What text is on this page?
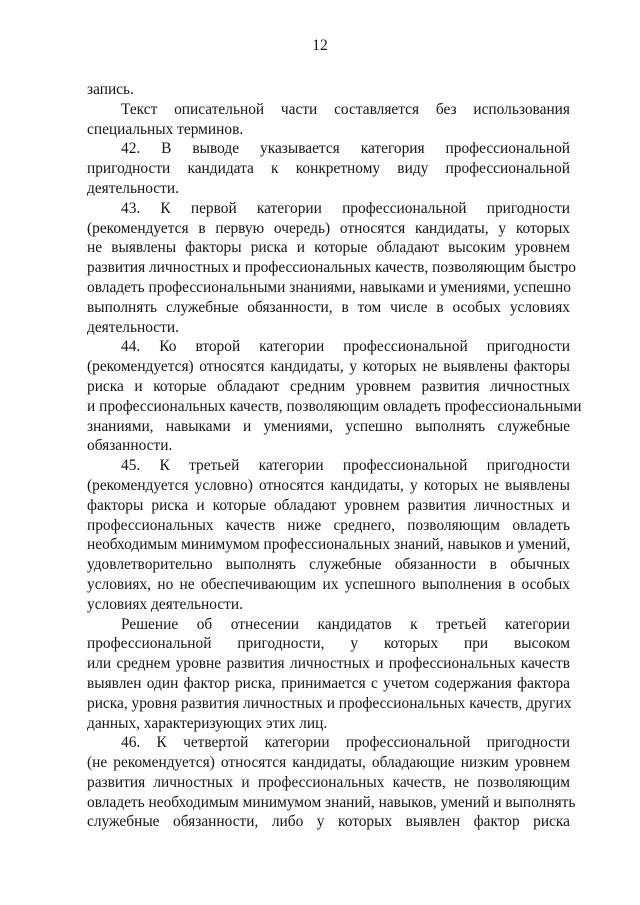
12
запись.
Текст описательной части составляется без использования
специальных терминов.
42. В выводе указывается категория профессиональной
пригодности кандидата к конкретному виду профессиональной
деятельности.
43. К первой категории профессиональной пригодности
(рекомендуется в первую очередь) относятся кандидаты, у которых
не выявлены факторы риска и которые обладают высоким уровнем
развития личностных и профессиональных качеств, позволяющим быстро
овладеть профессиональными знаниями, навыками и умениями, успешно
выполнять служебные обязанности, в том числе в особых условиях
деятельности.
44. Ко второй категории профессиональной пригодности
(рекомендуется) относятся кандидаты, у которых не выявлены факторы
риска и которые обладают средним уровнем развития личностных
и профессиональных качеств, позволяющим овладеть профессиональными
знаниями, навыками и умениями, успешно выполнять служебные
обязанности.
45. К третьей категории профессиональной пригодности
(рекомендуется условно) относятся кандидаты, у которых не выявлены
факторы риска и которые обладают уровнем развития личностных и
профессиональных качеств ниже среднего, позволяющим овладеть
необходимым минимумом профессиональных знаний, навыков и умений,
удовлетворительно выполнять служебные обязанности в обычных
условиях, но не обеспечивающим их успешного выполнения в особых
условиях деятельности.
Решение об отнесении кандидатов к третьей категории
профессиональной пригодности, у которых при высоком
или среднем уровне развития личностных и профессиональных качеств
выявлен один фактор риска, принимается с учетом содержания фактора
риска, уровня развития личностных и профессиональных качеств, других
данных, характеризующих этих лиц.
46. К четвертой категории профессиональной пригодности
(не рекомендуется) относятся кандидаты, обладающие низким уровнем
развития личностных и профессиональных качеств, не позволяющим
овладеть необходимым минимумом знаний, навыков, умений и выполнять
служебные обязанности, либо у которых выявлен фактор риска
